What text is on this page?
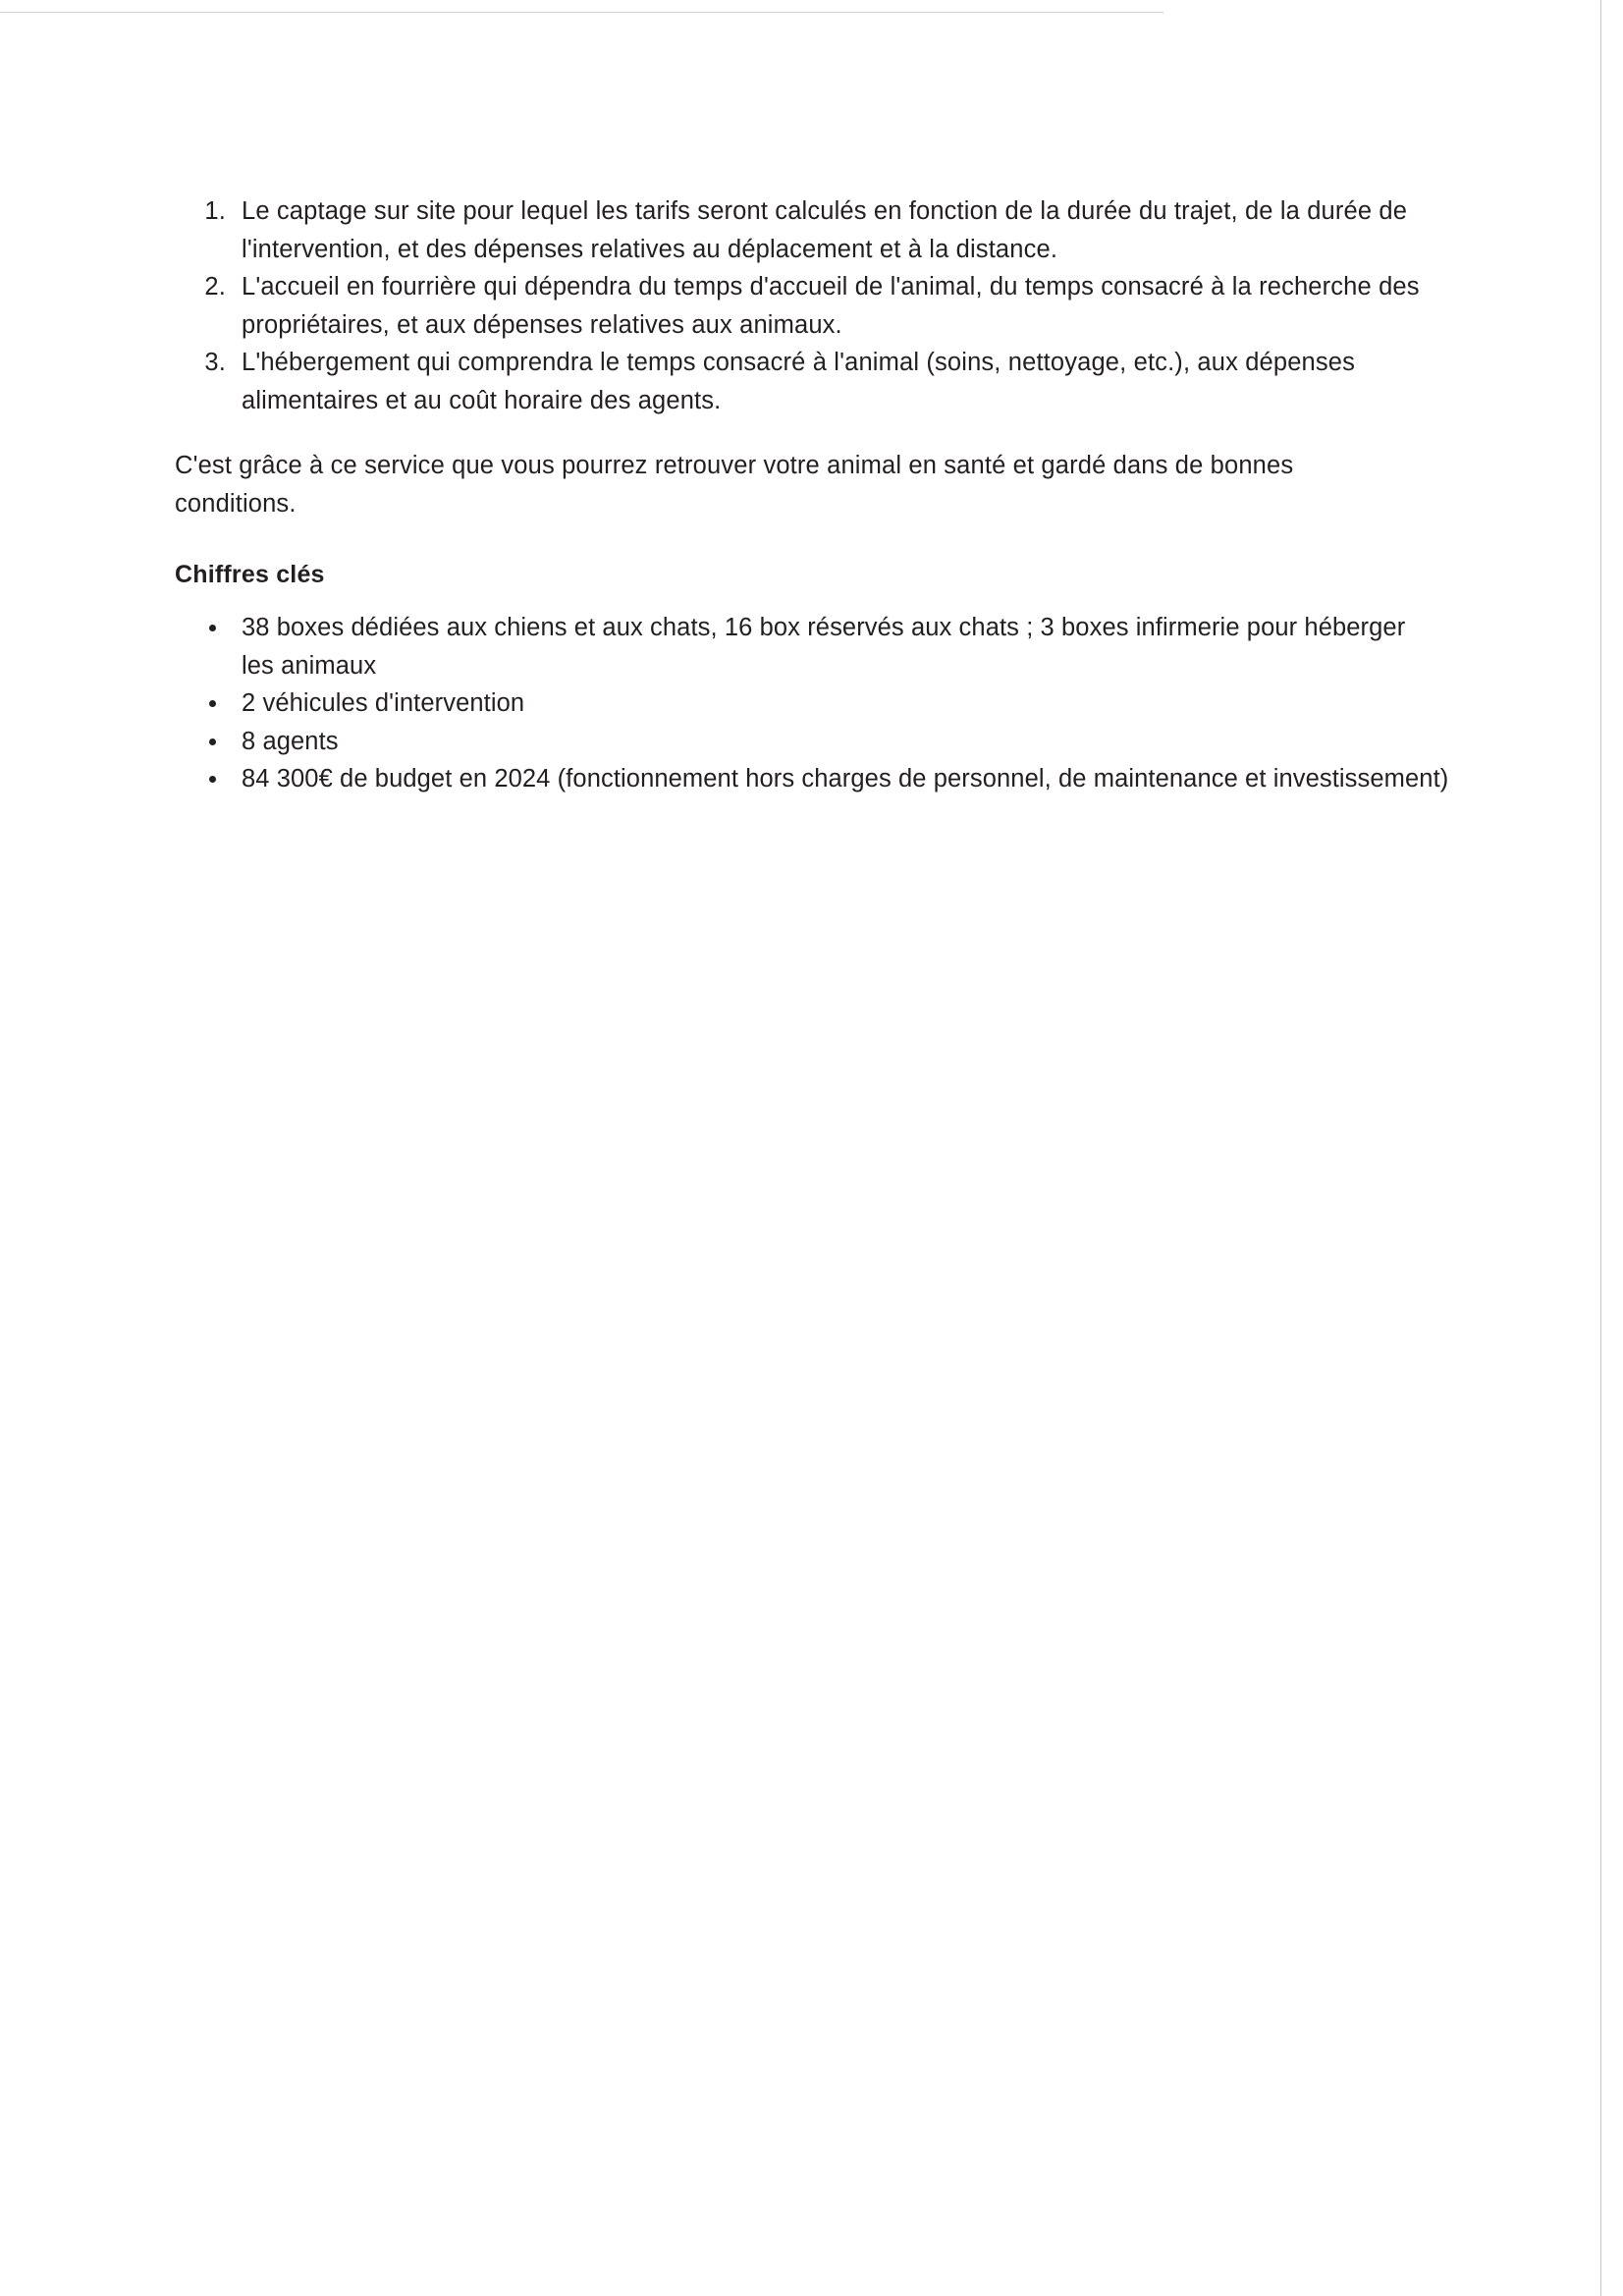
1. Le captage sur site pour lequel les tarifs seront calculés en fonction de la durée du trajet, de la durée de l'intervention, et des dépenses relatives au déplacement et à la distance.
2. L'accueil en fourrière qui dépendra du temps d'accueil de l'animal, du temps consacré à la recherche des propriétaires, et aux dépenses relatives aux animaux.
3. L'hébergement qui comprendra le temps consacré à l'animal (soins, nettoyage, etc.), aux dépenses alimentaires et au coût horaire des agents.

C'est grâce à ce service que vous pourrez retrouver votre animal en santé et gardé dans de bonnes conditions.

Chiffres clés
38 boxes dédiées aux chiens et aux chats, 16 box réservés aux chats ; 3 boxes infirmerie pour héberger les animaux
2 véhicules d'intervention
8 agents
84 300€ de budget en 2024 (fonctionnement hors charges de personnel, de maintenance et investissement)
